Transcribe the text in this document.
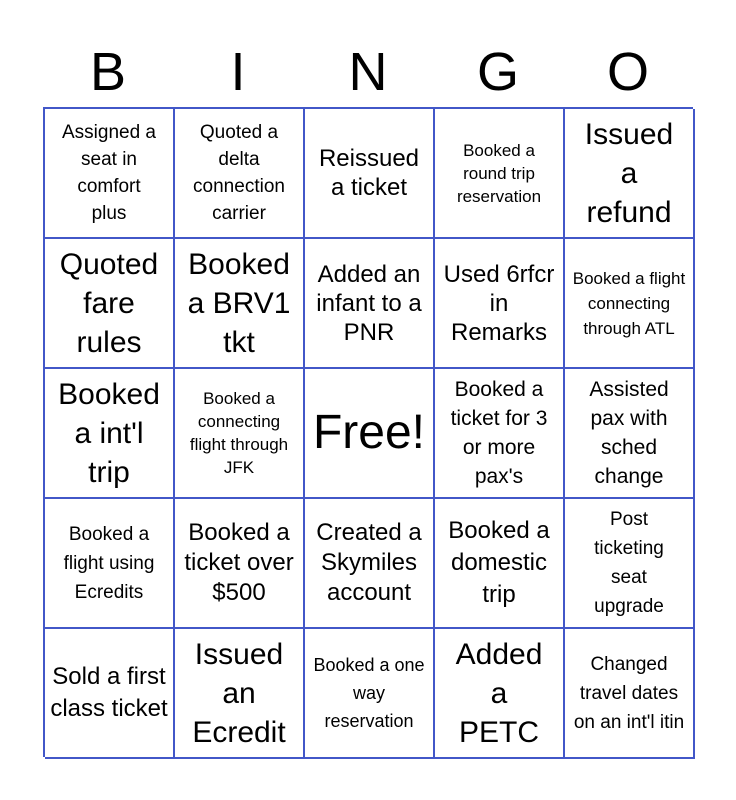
B	I	N	G	O
Assigned a seat in comfort plus
Quoted a delta connection carrier
Reissued a ticket
Booked a round trip reservation
Issued a refund
Quoted fare rules
Booked a BRV1 tkt
Added an infant to a PNR
Used 6rfcr in Remarks
Booked a flight connecting through ATL
Booked a int'l trip
Booked a connecting flight through JFK
Free!
Booked a ticket for 3 or more pax's
Assisted pax with sched change
Booked a flight using Ecredits
Booked a ticket over $500
Created a Skymiles account
Booked a domestic trip
Post ticketing seat upgrade
Sold a first class ticket
Issued an Ecredit
Booked a one way reservation
Added a PETC
Changed travel dates on an int'l itin
